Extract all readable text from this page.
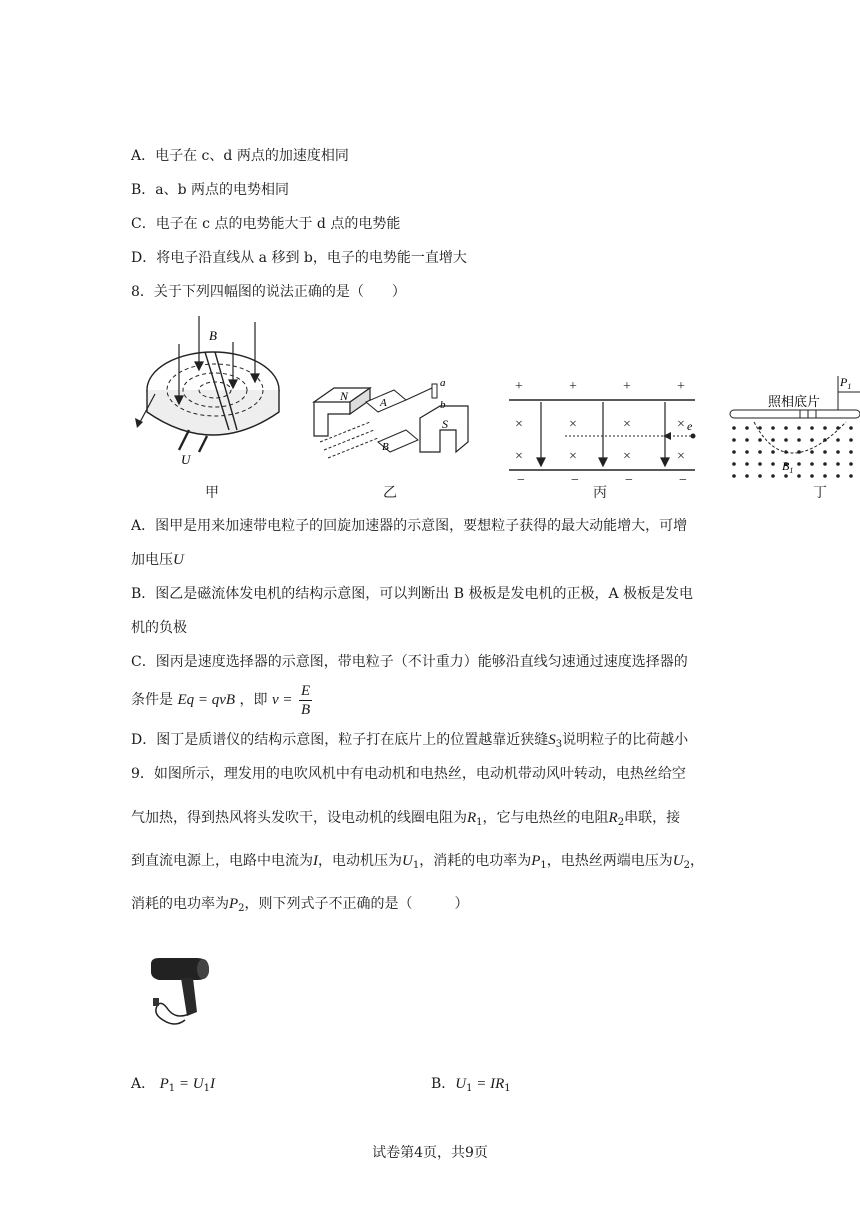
A．电子在 c、d 两点的加速度相同
B．a、b 两点的电势相同
C．电子在 c 点的电势能大于 d 点的电势能
D．将电子沿直线从 a 移到 b，电子的电势能一直增大
8．关于下列四幅图的说法正确的是（　　）
B
U
甲
N	A
B
S
a
b
乙
+	+	+	+
×	×	×	×
×	×	×	×
e
−	−	−	−
丙
照相底片
$P_1$
$B_1$
丁
A．图甲是用来加速带电粒子的回旋加速器的示意图，要想粒子获得的最大动能增大，可增
加电压U
B．图乙是磁流体发电机的结构示意图，可以判断出 B 极板是发电机的正极，A 极板是发电
机的负极
C．图丙是速度选择器的示意图，带电粒子（不计重力）能够沿直线匀速通过速度选择器的
条件是 Eq = qvB ，即 $v = \frac{E}{B}$
D．图丁是质谱仪的结构示意图，粒子打在底片上的位置越靠近狭缝$S_3$说明粒子的比荷越小
9．如图所示，理发用的电吹风机中有电动机和电热丝，电动机带动风叶转动，电热丝给空
气加热，得到热风将头发吹干，设电动机的线圈电阻为$R_1$，它与电热丝的电阻$R_2$串联，接
到直流电源上，电路中电流为I，电动机压为$U_1$，消耗的电功率为$P_1$，电热丝两端电压为$U_2$，
消耗的电功率为$P_2$，则下列式子不正确的是（　　　）
A． $P_1 = U_1I$	B．$U_1 = IR_1$
试卷第4页，共9页
